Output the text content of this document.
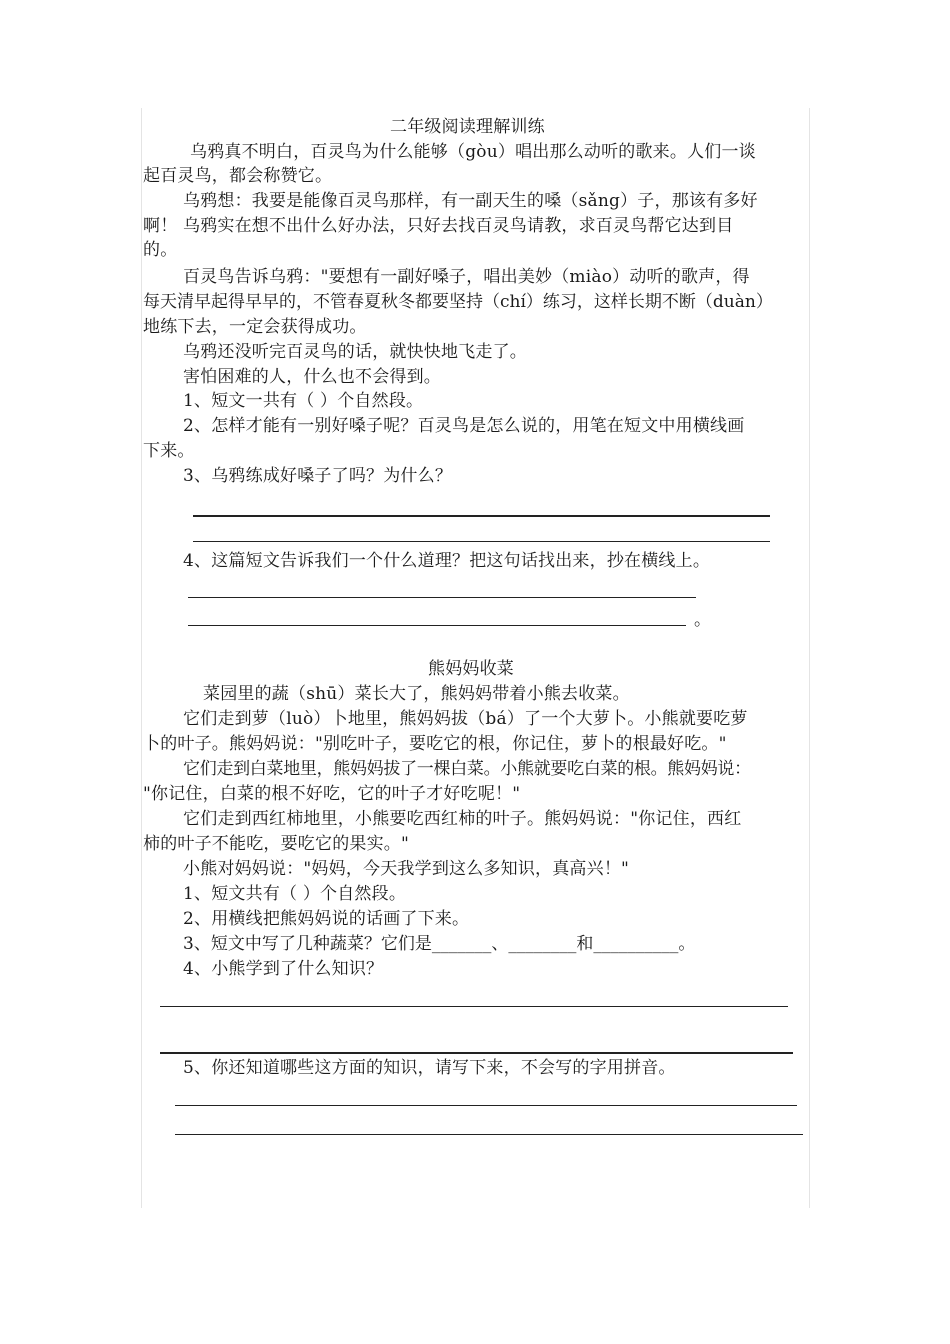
二年级阅读理解训练
乌鸦真不明白，百灵鸟为什么能够（gòu）唱出那么动听的歌来。人们一谈
起百灵鸟，都会称赞它。
乌鸦想：我要是能像百灵鸟那样，有一副天生的嗓（sǎng）子，那该有多好
啊！ 乌鸦实在想不出什么好办法，只好去找百灵鸟请教，求百灵鸟帮它达到目
的。
百灵鸟告诉乌鸦："要想有一副好嗓子，唱出美妙（miào）动听的歌声，得
每天清早起得早早的，不管春夏秋冬都要坚持（chí）练习，这样长期不断（duàn）
地练下去，一定会获得成功。
乌鸦还没听完百灵鸟的话，就快快地飞走了。
害怕困难的人，什么也不会得到。
1、短文一共有（ ）个自然段。
2、怎样才能有一别好嗓子呢？百灵鸟是怎么说的，用笔在短文中用横线画
下来。
3、乌鸦练成好嗓子了吗？为什么？
4、这篇短文告诉我们一个什么道理？把这句话找出来，抄在横线上。
。
熊妈妈收菜
菜园里的蔬（shū）菜长大了，熊妈妈带着小熊去收菜。
它们走到萝（luò）卜地里，熊妈妈拔（bá）了一个大萝卜。小熊就要吃萝
卜的叶子。熊妈妈说："别吃叶子，要吃它的根，你记住，萝卜的根最好吃。"
它们走到白菜地里，熊妈妈拔了一棵白菜。小熊就要吃白菜的根。熊妈妈说：
"你记住，白菜的根不好吃，它的叶子才好吃呢！"
它们走到西红柿地里，小熊要吃西红柿的叶子。熊妈妈说："你记住，西红
柿的叶子不能吃，要吃它的果实。"
小熊对妈妈说："妈妈，今天我学到这么多知识，真高兴！"
1、短文共有（ ）个自然段。
2、用横线把熊妈妈说的话画了下来。
3、短文中写了几种蔬菜？它们是_______、________和__________。
4、小熊学到了什么知识？
5、你还知道哪些这方面的知识，请写下来，不会写的字用拼音。
